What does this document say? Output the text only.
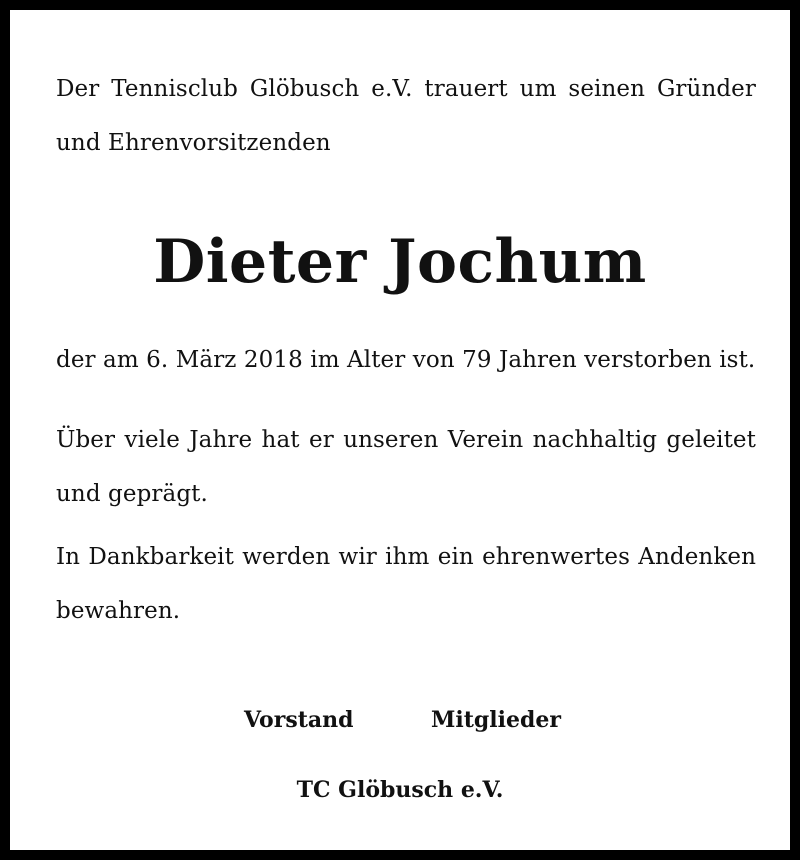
Der Tennisclub Glöbusch e.V. trauert um seinen Gründer und Ehrenvorsitzenden

Dieter Jochum

der am 6. März 2018 im Alter von 79 Jahren verstorben ist.

Über viele Jahre hat er unseren Verein nachhaltig geleitet und geprägt.

In Dankbarkeit werden wir ihm ein ehrenwertes Andenken bewahren.

Vorstand	Mitglieder

TC Glöbusch e.V.
